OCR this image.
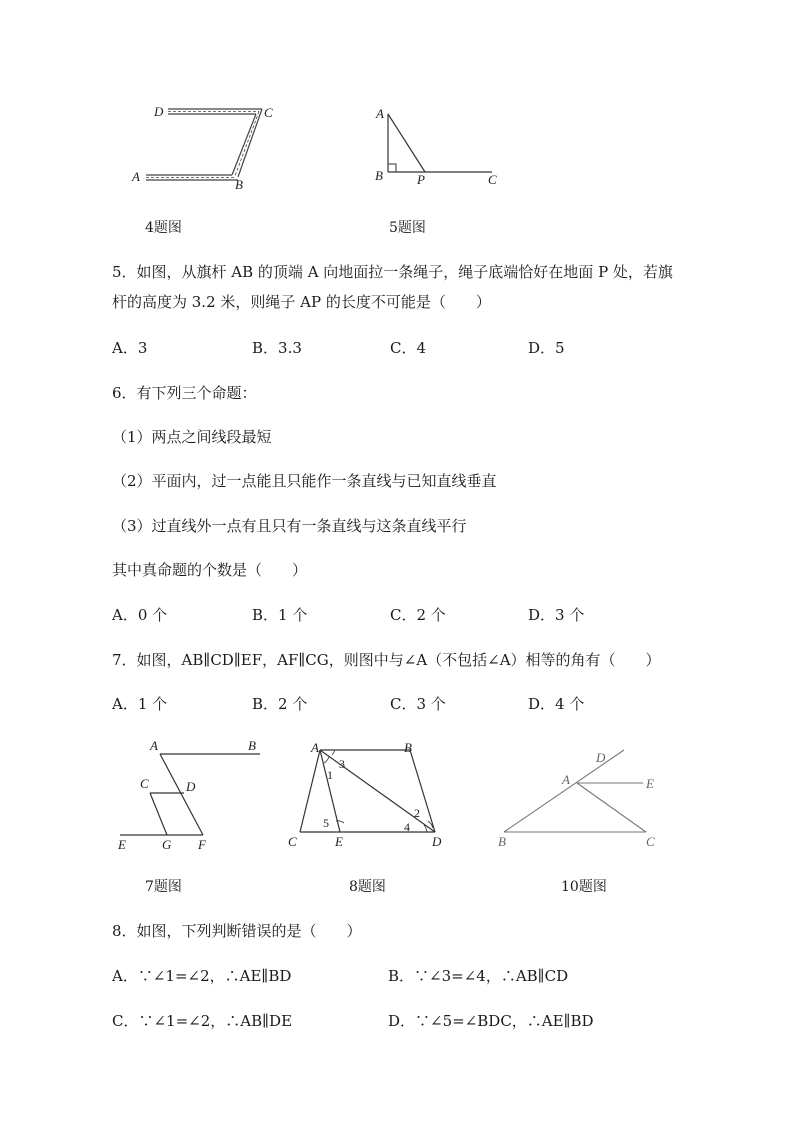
D	C
A
B
4题图
A
B	P	C
5题图
5．如图，从旗杆 AB 的顶端 A 向地面拉一条绳子，绳子底端恰好在地面 P 处，若旗
杆的高度为 3.2 米，则绳子 AP 的长度不可能是（　　）
A．3	B．3.3	C．4	D．5
6．有下列三个命题：
（1）两点之间线段最短
（2）平面内，过一点能且只能作一条直线与已知直线垂直
（3）过直线外一点有且只有一条直线与这条直线平行
其中真命题的个数是（　　）
A．0 个	B．1 个	C．2 个	D．3 个
7．如图，AB∥CD∥EF，AF∥CG，则图中与∠A（不包括∠A）相等的角有（　　）
A．1 个	B．2 个	C．3 个	D．4 个
A	B
C	D
E	G F
7题图
A	B
C	E	D
1
2
3
4
5
8题图
D
A	E
B	C
10题图
8．如图，下列判断错误的是（　　）
A．∵∠1=∠2，∴AE∥BD	B．∵∠3=∠4，∴AB∥CD
C．∵∠1=∠2，∴AB∥DE	D．∵∠5=∠BDC，∴AE∥BD
